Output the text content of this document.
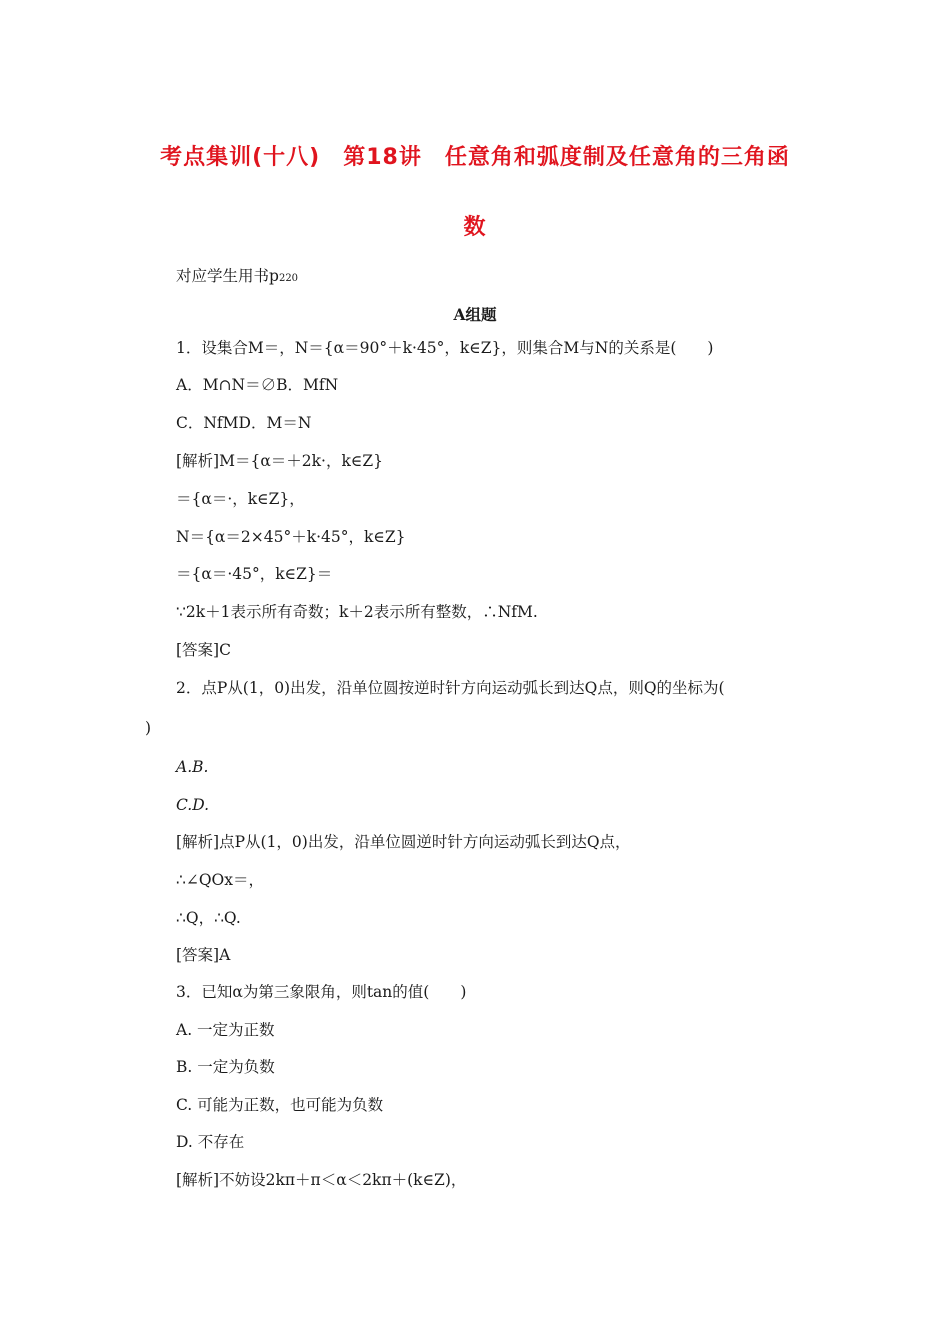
考点集训(十八)　第18讲　任意角和弧度制及任意角的三角函
数
对应学生用书p220
A组题
1．设集合M＝，N＝{α＝90°＋k·45°，k∈Z}，则集合M与N的关系是(　　)
A．M∩N＝∅B．MfN
C．NfMD．M＝N
[解析]M＝{α＝＋2k·，k∈Z}
＝{α＝·，k∈Z}，
N＝{α＝2×45°＋k·45°，k∈Z}
＝{α＝·45°，k∈Z}＝
∵2k＋1表示所有奇数；k＋2表示所有整数，∴NfM.
[答案]C
2．点P从(1，0)出发，沿单位圆按逆时针方向运动弧长到达Q点，则Q的坐标为(
)
A.B.
C.D.
[解析]点P从(1，0)出发，沿单位圆逆时针方向运动弧长到达Q点，
∴∠QOx＝，
∴Q，∴Q.
[答案]A
3．已知α为第三象限角，则tan的值(　　)
A. 一定为正数
B. 一定为负数
C. 可能为正数，也可能为负数
D. 不存在
[解析]不妨设2kπ＋π＜α＜2kπ＋(k∈Z)，
